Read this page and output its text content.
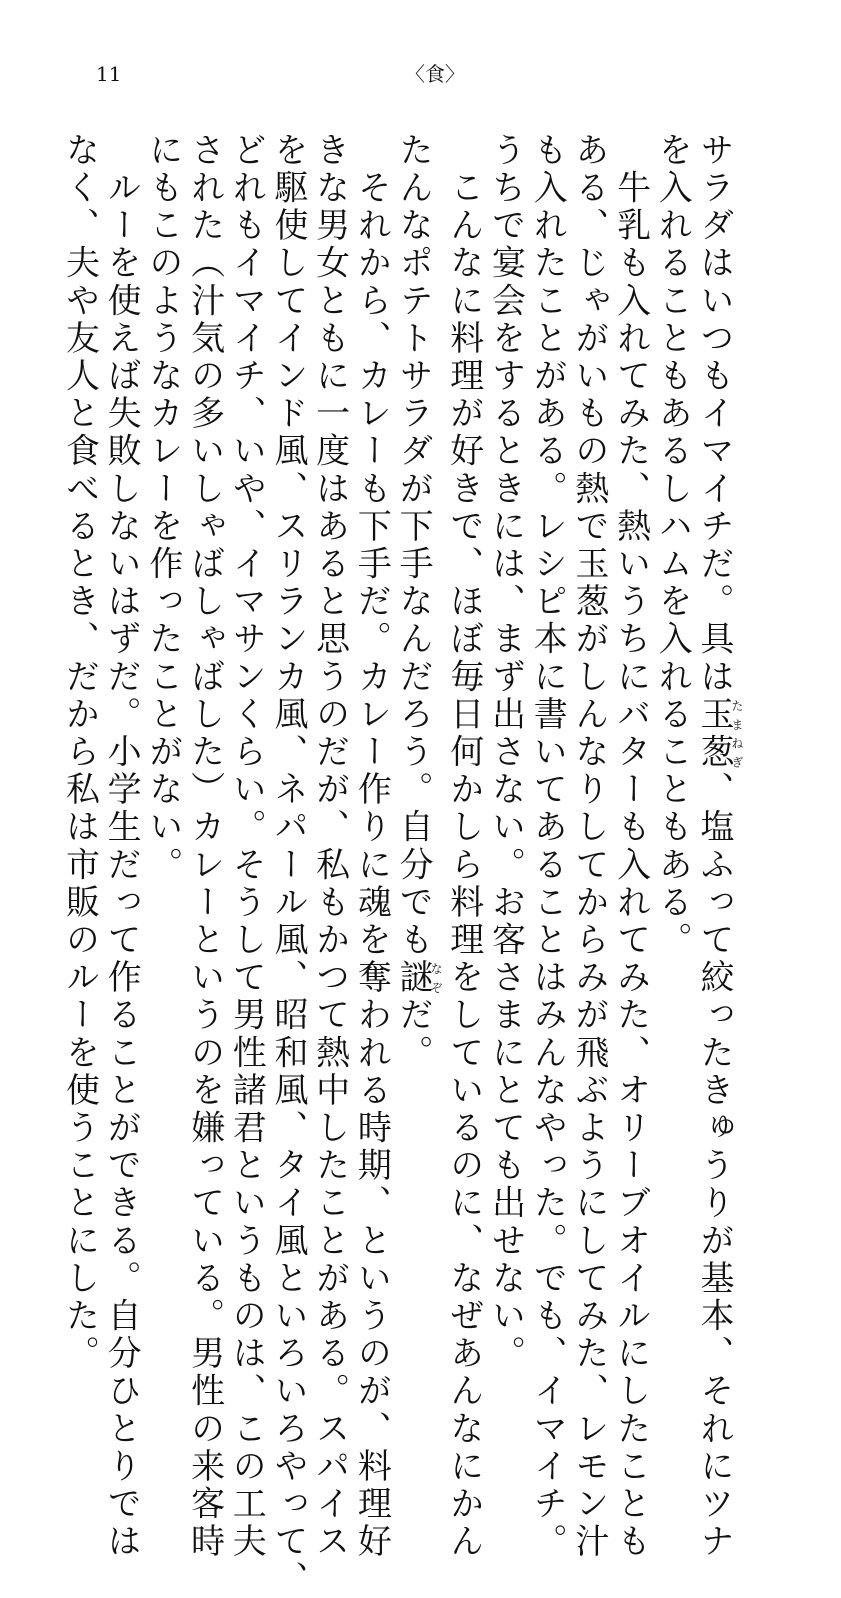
11	〈食〉
サラダはいつもイマイチだ。具は玉葱たまねぎ、塩ふって絞ったきゅうりが基本、それにツナ
を入れることもあるしハムを入れることもある。
　牛乳も入れてみた、熱いうちにバターも入れてみた、オリーブオイルにしたことも
ある、じゃがいもの熱で玉葱がしんなりしてからみが飛ぶようにしてみた、レモン汁
も入れたことがある。レシピ本に書いてあることはみんなやった。でも、イマイチ。
うちで宴会をするときには、まず出さない。お客さまにとても出せない。
　こんなに料理が好きで、ほぼ毎日何かしら料理をしているのに、なぜあんなにかん
たんなポテトサラダが下手なんだろう。自分でも謎なぞだ。
　それから、カレーも下手だ。カレー作りに魂を奪われる時期、というのが、料理好
きな男女ともに一度はあると思うのだが、私もかつて熱中したことがある。スパイス
を駆使してインド風、スリランカ風、ネパール風、昭和風、タイ風といろいろやって、
どれもイマイチ、いや、イマサンくらい。そうして男性諸君というものは、この工夫
された（汁気の多いしゃばしゃばした）カレーというのを嫌っている。男性の来客時
にもこのようなカレーを作ったことがない。
　ルーを使えば失敗しないはずだ。小学生だって作ることができる。自分ひとりでは
なく、夫や友人と食べるとき、だから私は市販のルーを使うことにした。
